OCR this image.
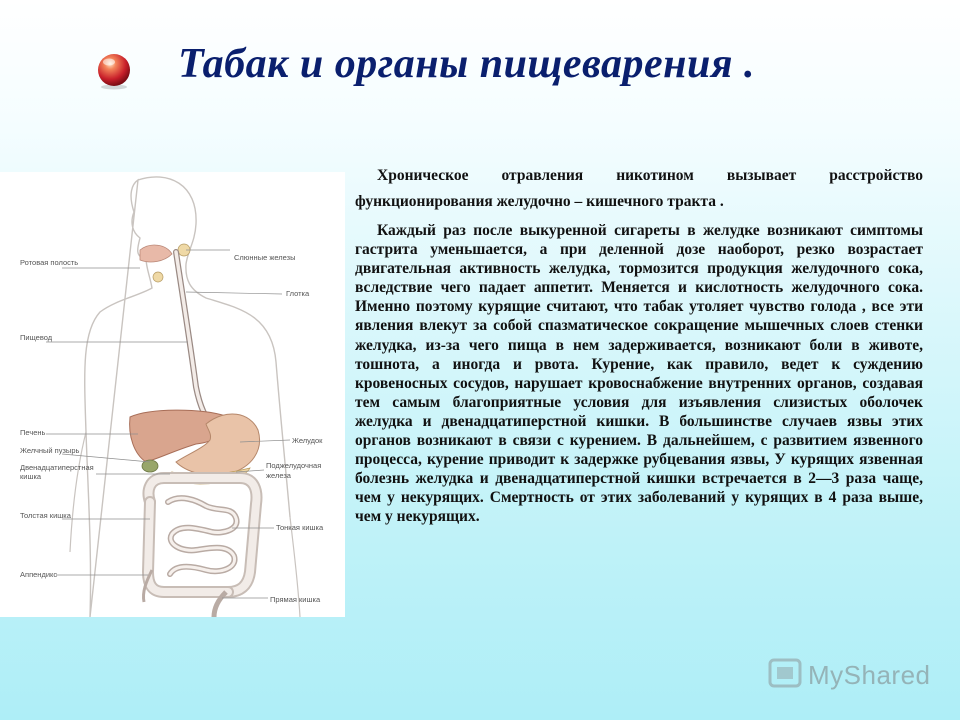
Табак и органы пищеварения .
Ротовая полость
Пищевод
Печень
Желчный пузырь
Двенадцатиперстная
кишка
Толстая кишка
Аппендикс
Слюнные железы
Глотка
Желудок
Поджелудочная
железа
Тонкая кишка
Прямая кишка

Хроническое отравления никотином вызывает расстройство функционирования желудочно – кишечного тракта .

Каждый раз после выкуренной сигареты в желудке возникают симптомы гастрита уменьшается, а при деленной дозе наоборот, резко возрастает двигательная активность желудка, тормозится продукция желудочного сока, вследствие чего падает аппетит. Меняется и кислотность желудочного сока. Именно поэтому курящие считают, что табак утоляет чувство голода , все эти явления влекут за собой спазматическое сокращение мышечных слоев стенки желудка, из-за чего пища в нем задерживается, возникают боли в животе, тошнота, а иногда и рвота. Курение, как правило, ведет к суждению кровеносных сосудов, нарушает кровоснабжение внутренних органов, создавая тем самым благоприятные условия для изъявления слизистых оболочек желудка и двенадцатиперстной кишки. В большинстве случаев язвы этих органов возникают в связи с курением. В дальнейшем, с развитием язвенного процесса, курение приводит к задержке рубцевания язвы, У курящих язвенная болезнь желудка и двенадцатиперстной кишки встречается в 2—3 раза чаще, чем у некурящих. Смертность от этих заболеваний у курящих в 4 раза выше, чем у некурящих.

MyShared
